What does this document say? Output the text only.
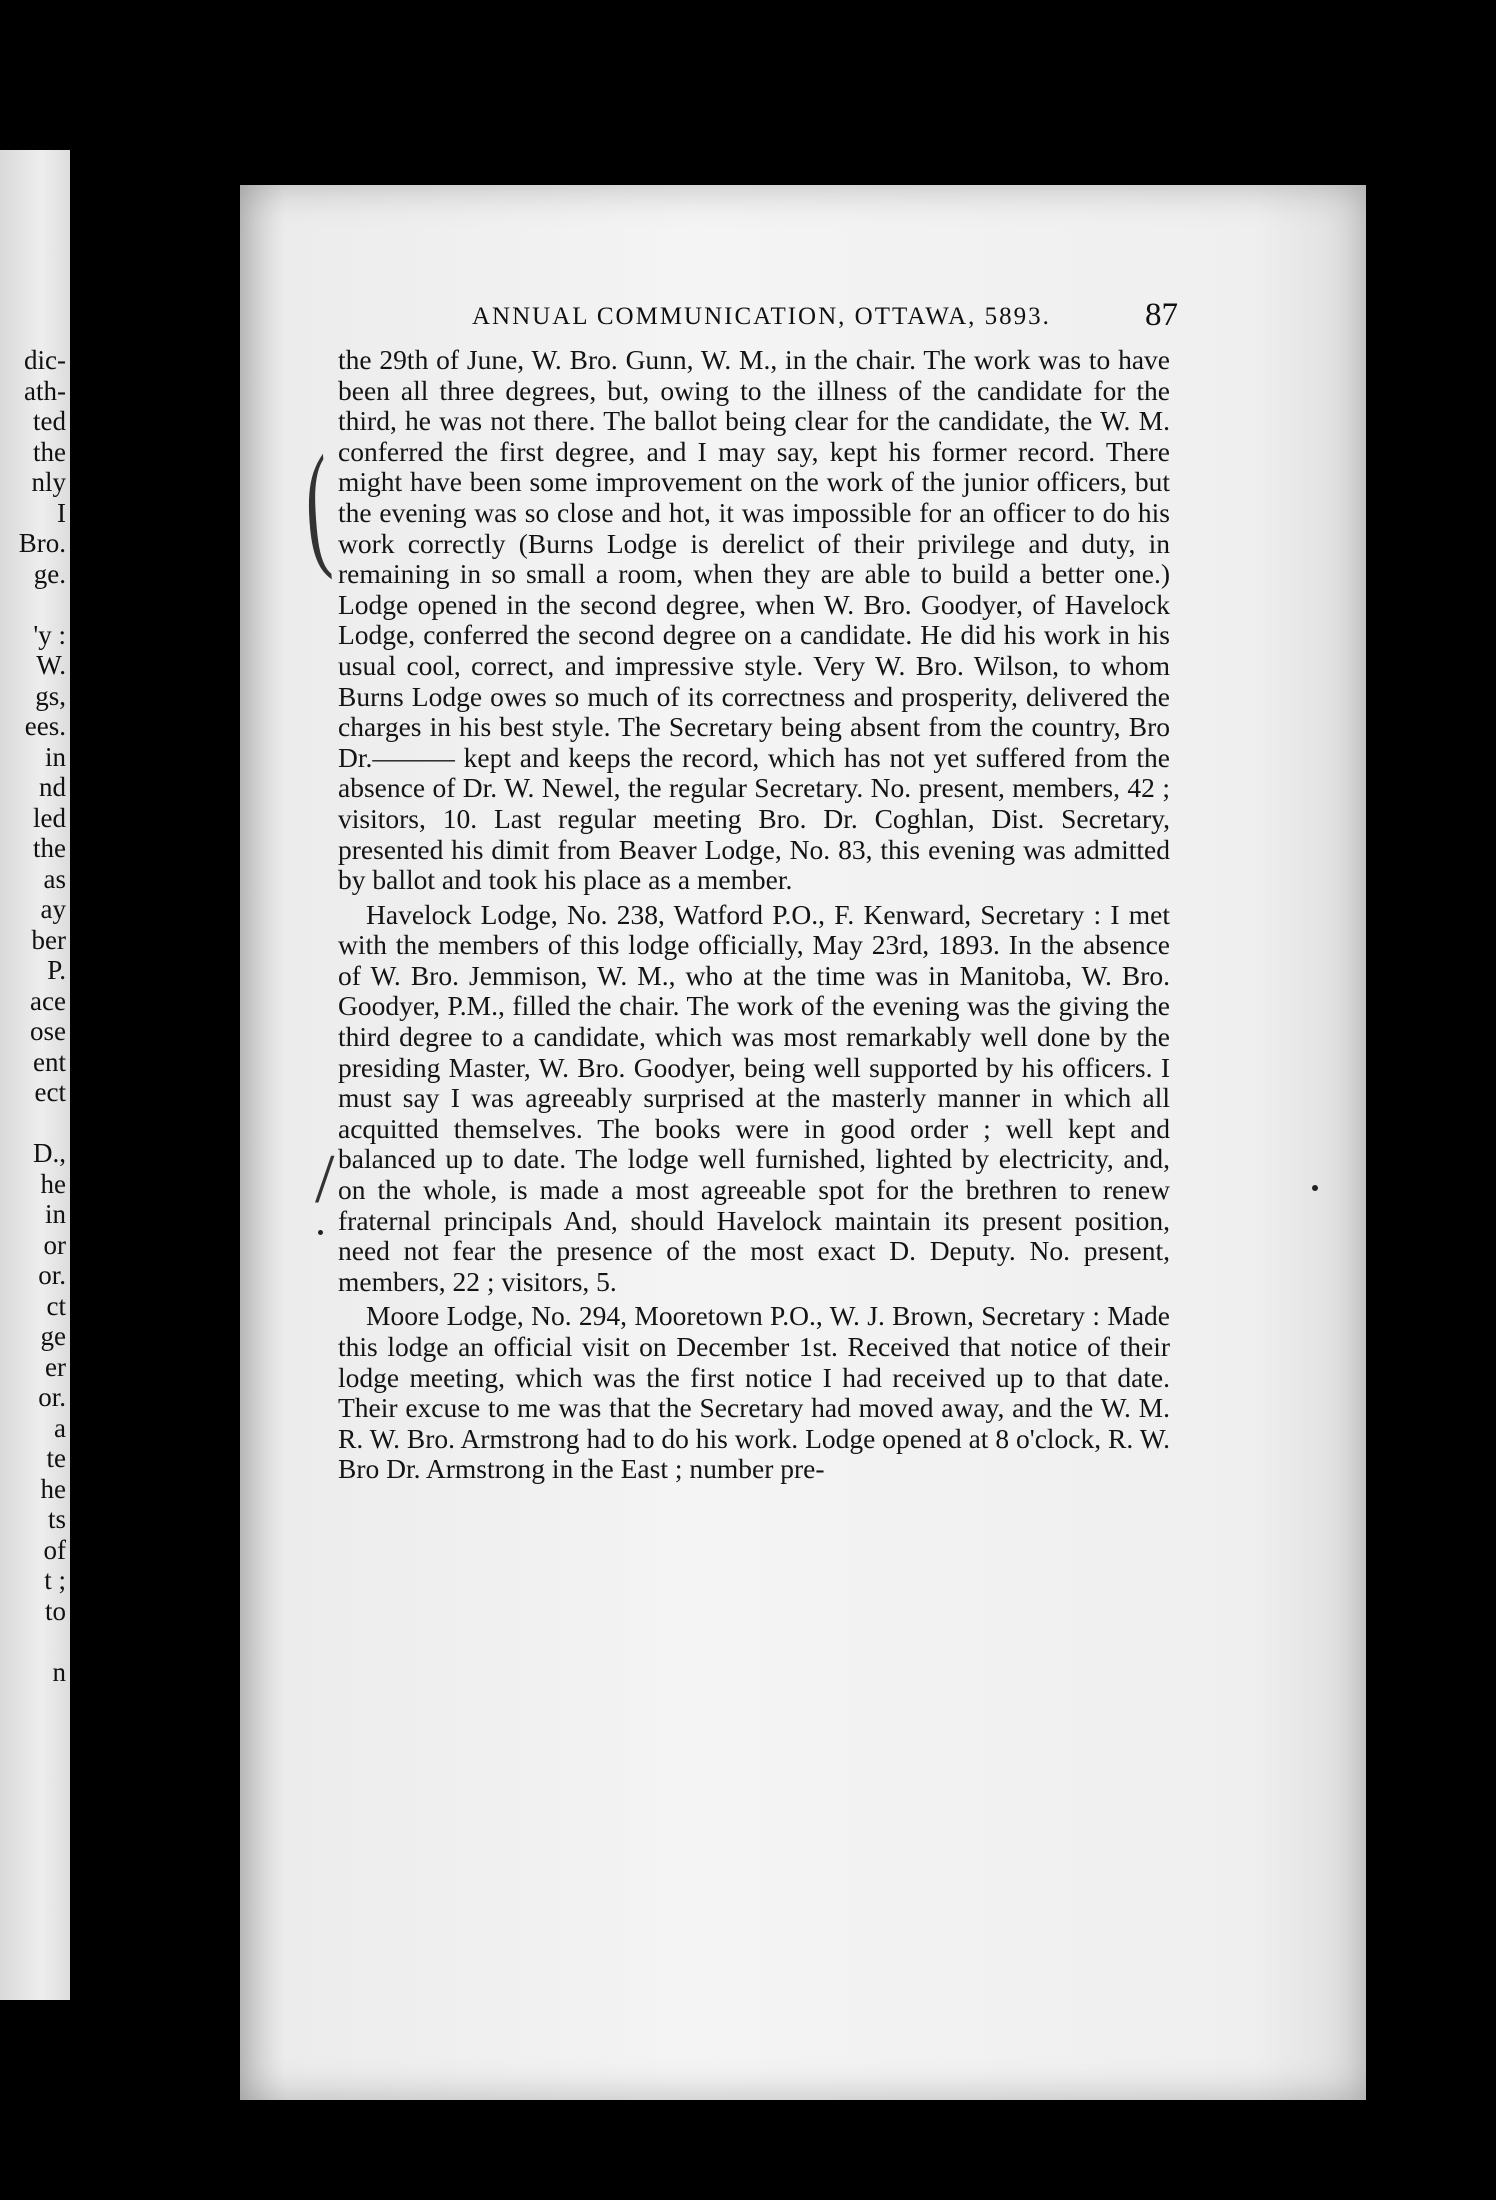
dic-
ath-
ted
the
nly
I
Bro.
ge.
'y :
W.
gs,
ees.
in
nd
led
the
as
ay
ber
P.
ace
ose
ent
ect
D.,
he
in
or
or.
ct
ge
er
or.
a
te
he
ts
of
t ;
to
n
(
/
ANNUAL COMMUNICATION, OTTAWA, 5893.	87

the 29th of June, W. Bro. Gunn, W. M., in the chair. The work was to have been all three degrees, but, owing to the illness of the candidate for the third, he was not there. The ballot being clear for the candidate, the W. M. conferred the first degree, and I may say, kept his former record. There might have been some improvement on the work of the junior officers, but the evening was so close and hot, it was impossible for an officer to do his work correctly (Burns Lodge is derelict of their privilege and duty, in remaining in so small a room, when they are able to build a better one.) Lodge opened in the second degree, when W. Bro. Goodyer, of Havelock Lodge, conferred the second degree on a candidate. He did his work in his usual cool, correct, and impressive style. Very W. Bro. Wilson, to whom Burns Lodge owes so much of its correctness and prosperity, delivered the charges in his best style. The Secretary being absent from the country, Bro Dr.——— kept and keeps the record, which has not yet suffered from the absence of Dr. W. Newel, the regular Secretary. No. present, members, 42 ; visitors, 10. Last regular meeting Bro. Dr. Coghlan, Dist. Secretary, presented his dimit from Beaver Lodge, No. 83, this evening was admitted by ballot and took his place as a member.

Havelock Lodge, No. 238, Watford P.O., F. Kenward, Secretary : I met with the members of this lodge officially, May 23rd, 1893. In the absence of W. Bro. Jemmison, W. M., who at the time was in Manitoba, W. Bro. Goodyer, P.M., filled the chair. The work of the evening was the giving the third degree to a candidate, which was most remarkably well done by the presiding Master, W. Bro. Goodyer, being well supported by his officers. I must say I was agreeably surprised at the masterly manner in which all acquitted themselves. The books were in good order ; well kept and balanced up to date. The lodge well furnished, lighted by electricity, and, on the whole, is made a most agreeable spot for the brethren to renew fraternal principals And, should Havelock maintain its present position, need not fear the presence of the most exact D. Deputy. No. present, members, 22 ; visitors, 5.

Moore Lodge, No. 294, Mooretown P.O., W. J. Brown, Secretary : Made this lodge an official visit on December 1st. Received that notice of their lodge meeting, which was the first notice I had received up to that date. Their excuse to me was that the Secretary had moved away, and the W. M. R. W. Bro. Armstrong had to do his work. Lodge opened at 8 o'clock, R. W. Bro Dr. Armstrong in the East ; number pre-
